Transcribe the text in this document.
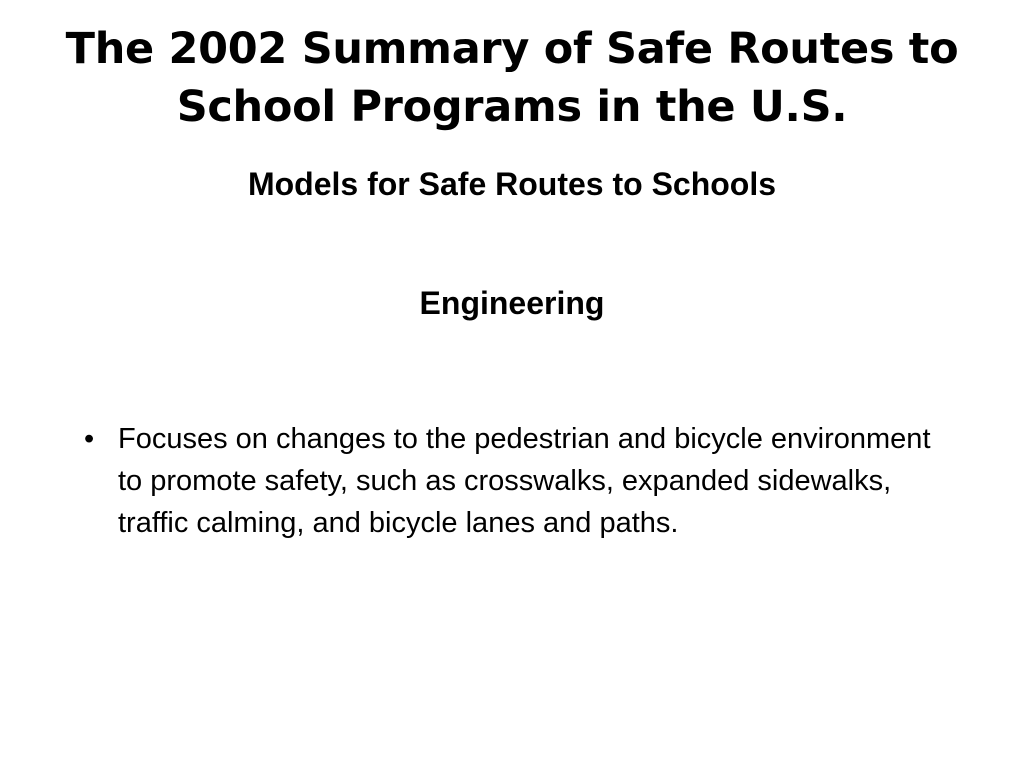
The 2002 Summary of Safe Routes to School Programs in the U.S.
Models for Safe Routes to Schools
Engineering
• Focuses on changes to the pedestrian and bicycle environment to promote safety, such as crosswalks, expanded sidewalks, traffic calming, and bicycle lanes and paths.
